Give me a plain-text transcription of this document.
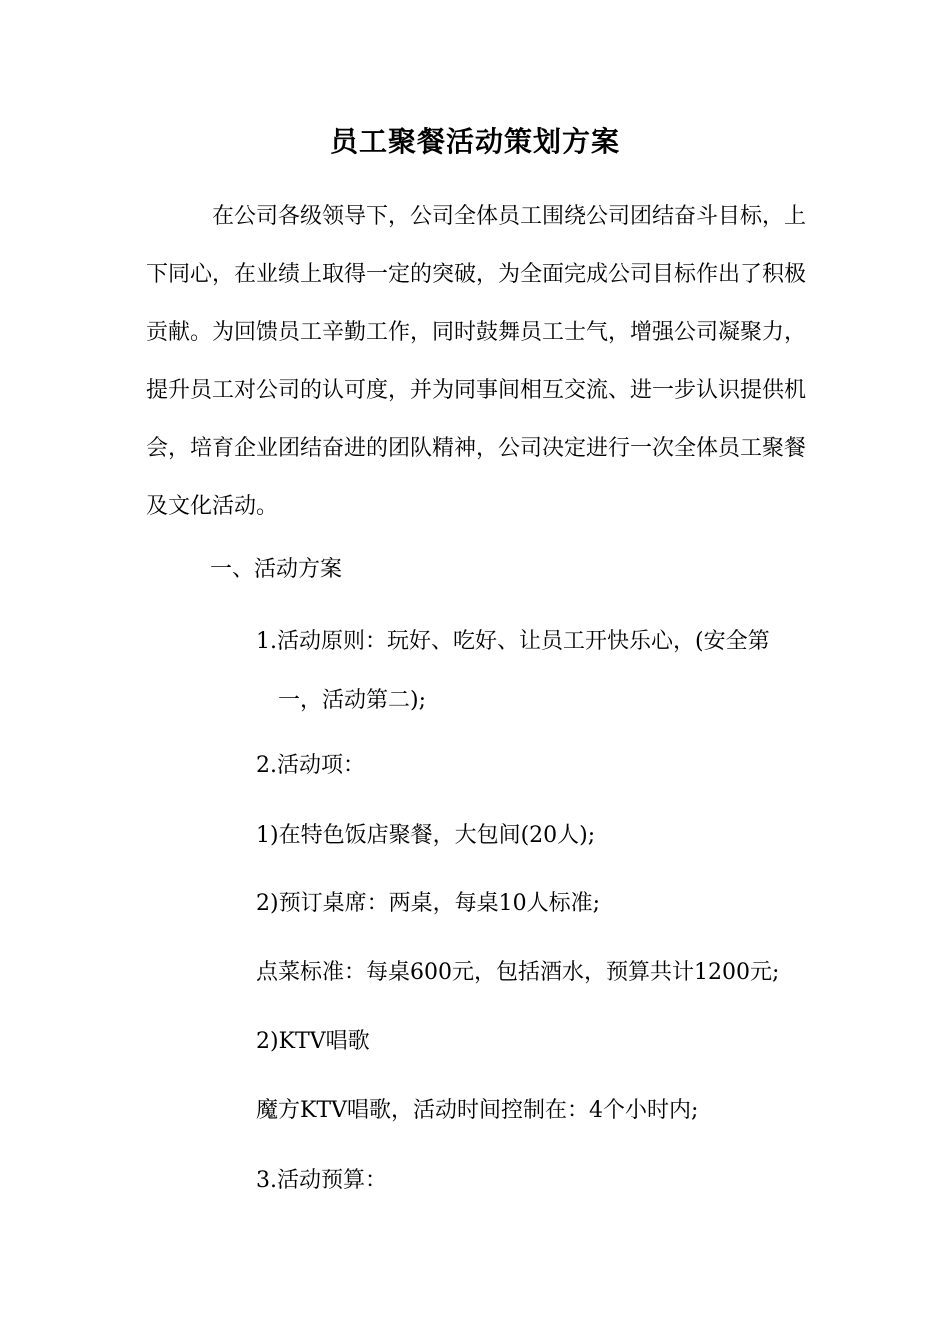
员工聚餐活动策划方案

在公司各级领导下，公司全体员工围绕公司团结奋斗目标，上下同心，在业绩上取得一定的突破，为全面完成公司目标作出了积极贡献。为回馈员工辛勤工作，同时鼓舞员工士气，增强公司凝聚力，提升员工对公司的认可度，并为同事间相互交流、进一步认识提供机会，培育企业团结奋进的团队精神，公司决定进行一次全体员工聚餐及文化活动。

一、活动方案

1.活动原则：玩好、吃好、让员工开快乐心，(安全第一，活动第二);

2.活动项：

1)在特色饭店聚餐，大包间(20人);

2)预订桌席：两桌，每桌10人标准;

点菜标准：每桌600元，包括酒水，预算共计1200元;

2)KTV唱歌

魔方KTV唱歌，活动时间控制在：4个小时内;

3.活动预算：
